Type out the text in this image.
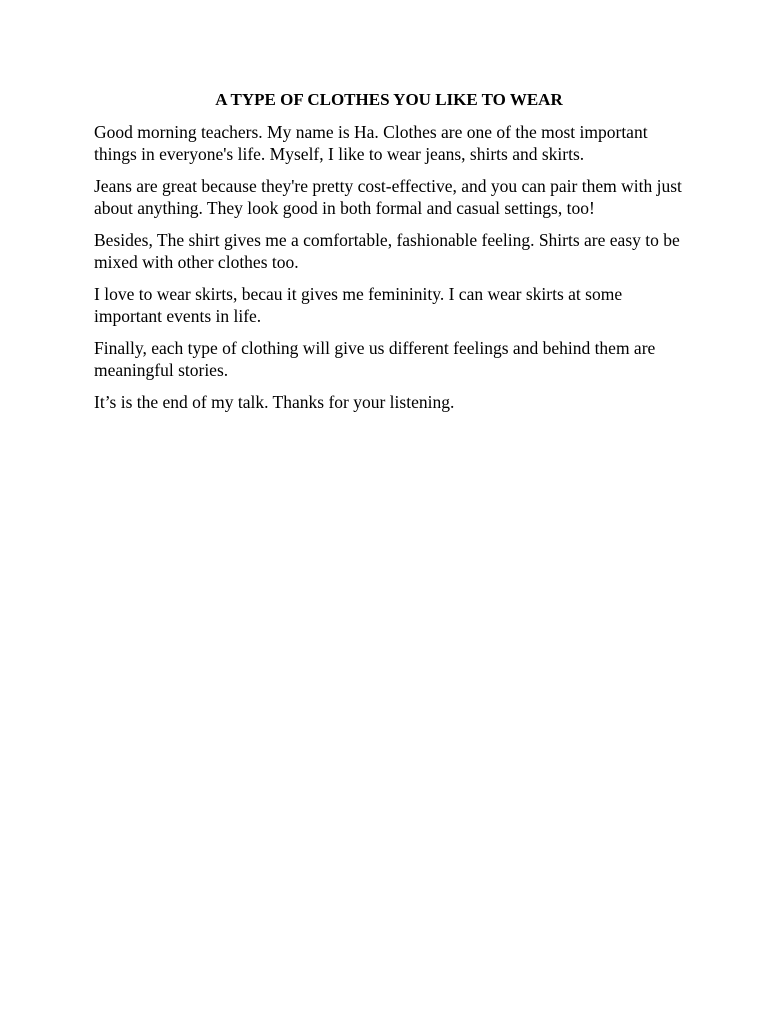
A TYPE OF CLOTHES YOU LIKE TO WEAR

Good morning teachers. My name is Ha. Clothes are one of the most important things in everyone's life. Myself, I like to wear jeans, shirts and skirts.

Jeans are great because they're pretty cost-effective, and you can pair them with just about anything. They look good in both formal and casual settings, too!

Besides, The shirt gives me a comfortable, fashionable feeling. Shirts are easy to be mixed with other clothes too.

I love to wear skirts, becau it gives me femininity. I can wear skirts at some important events in life.

Finally, each type of clothing will give us different feelings and behind them are meaningful stories.

It’s is the end of my talk. Thanks for your listening.
